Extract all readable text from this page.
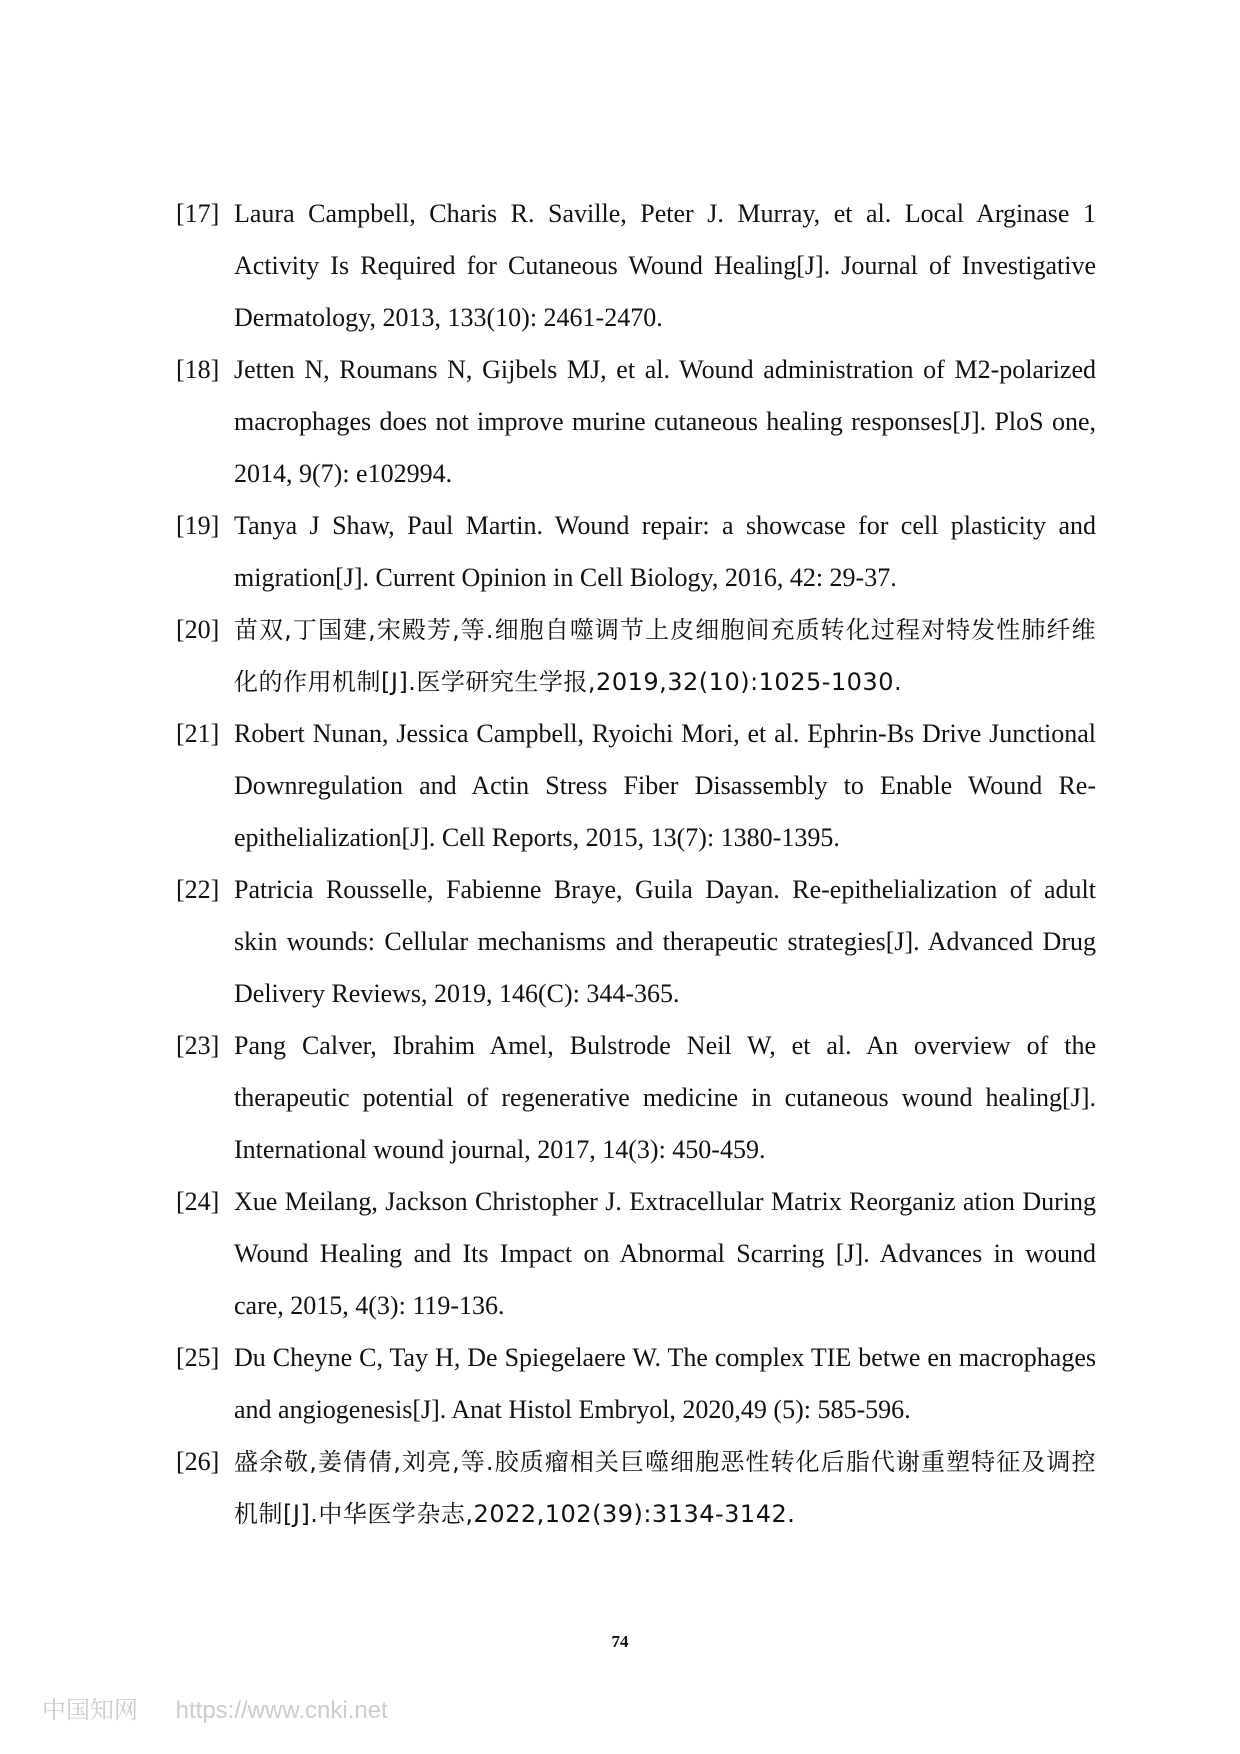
[17] Laura Campbell, Charis R. Saville, Peter J. Murray, et al. Local Arginase 1 Activity Is Required for Cutaneous Wound Healing[J]. Journal of Investigative Dermatology, 2013, 133(10): 2461-2470.
[18] Jetten N, Roumans N, Gijbels MJ, et al. Wound administration of M2-polarized macrophages does not improve murine cutaneous healing responses[J]. PloS one, 2014, 9(7): e102994.
[19] Tanya J Shaw, Paul Martin. Wound repair: a showcase for cell plasticity and migration[J]. Current Opinion in Cell Biology, 2016, 42: 29-37.
[20] 苗双,丁国建,宋殿芳,等.细胞自噬调节上皮细胞间充质转化过程对特发性肺纤维化的作用机制[J].医学研究生学报,2019,32(10):1025-1030.
[21] Robert Nunan, Jessica Campbell, Ryoichi Mori, et al. Ephrin-Bs Drive Junctional Downregulation and Actin Stress Fiber Disassembly to Enable Wound Re-epithelialization[J]. Cell Reports, 2015, 13(7): 1380-1395.
[22] Patricia Rousselle, Fabienne Braye, Guila Dayan. Re-epithelialization of adult skin wounds: Cellular mechanisms and therapeutic strategies[J]. Advanced Drug Delivery Reviews, 2019, 146(C): 344-365.
[23] Pang Calver, Ibrahim Amel, Bulstrode Neil W, et al. An overview of the therapeutic potential of regenerative medicine in cutaneous wound healing[J]. International wound journal, 2017, 14(3): 450-459.
[24] Xue Meilang, Jackson Christopher J. Extracellular Matrix Reorganiz ation During Wound Healing and Its Impact on Abnormal Scarring [J]. Advances in wound care, 2015, 4(3): 119-136.
[25] Du Cheyne C, Tay H, De Spiegelaere W. The complex TIE betwe en macrophages and angiogenesis[J]. Anat Histol Embryol, 2020,49 (5): 585-596.
[26] 盛余敬,姜倩倩,刘亮,等.胶质瘤相关巨噬细胞恶性转化后脂代谢重塑特征及调控机制[J].中华医学杂志,2022,102(39):3134-3142.
74
中国知网 https://www.cnki.net
